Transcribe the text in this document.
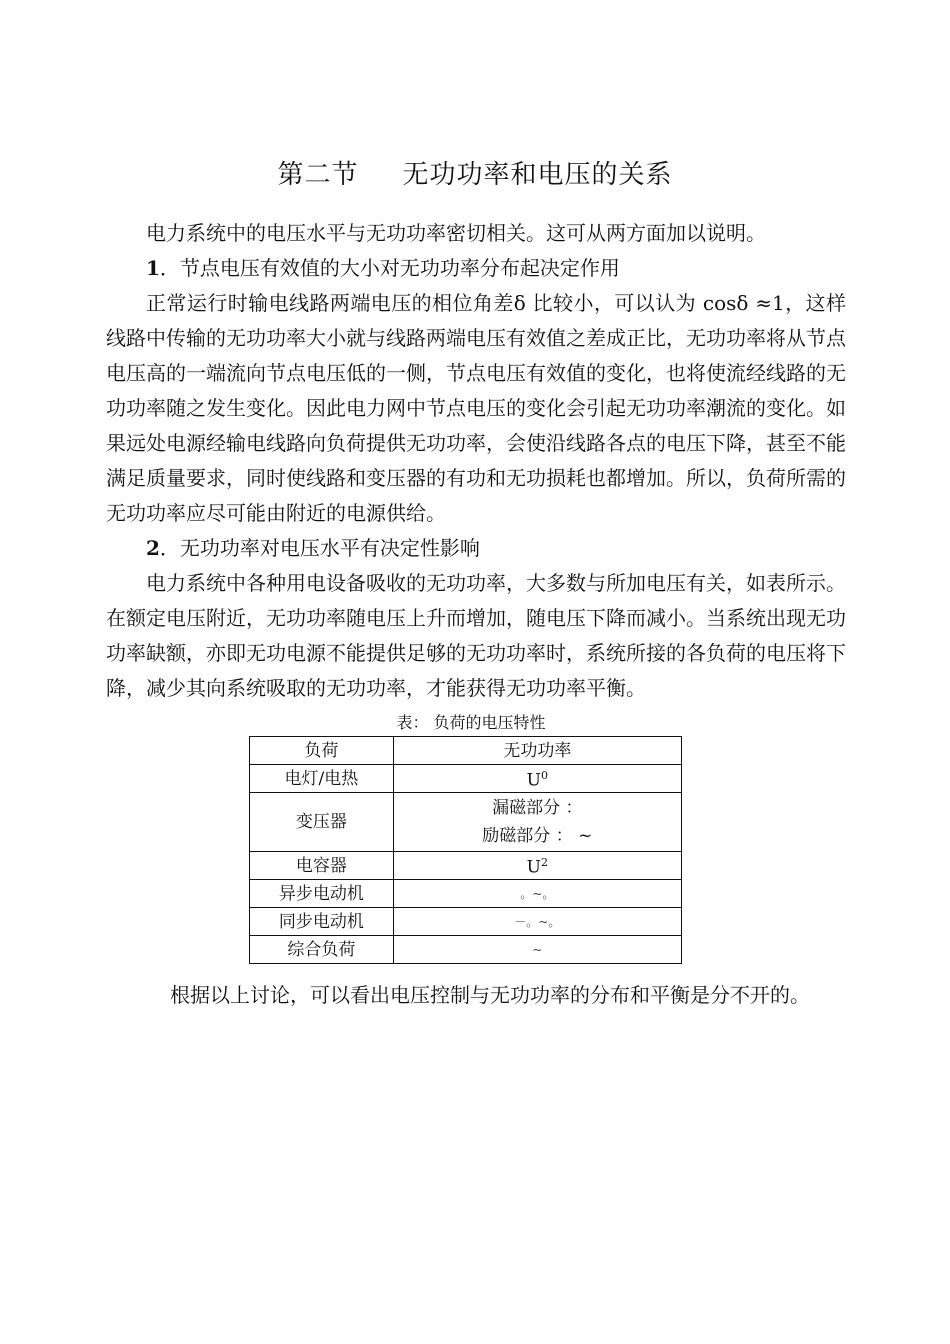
第二节 无功功率和电压的关系

电力系统中的电压水平与无功功率密切相关。这可从两方面加以说明。

1．节点电压有效值的大小对无功功率分布起决定作用

正常运行时输电线路两端电压的相位角差δ 比较小，可以认为 cosδ ≈1，这样线路中传输的无功功率大小就与线路两端电压有效值之差成正比，无功功率将从节点电压高的一端流向节点电压低的一侧，节点电压有效值的变化，也将使流经线路的无功功率随之发生变化。因此电力网中节点电压的变化会引起无功功率潮流的变化。如果远处电源经输电线路向负荷提供无功功率，会使沿线路各点的电压下降，甚至不能满足质量要求，同时使线路和变压器的有功和无功损耗也都增加。所以，负荷所需的无功功率应尽可能由附近的电源供给。

2．无功功率对电压水平有决定性影响

电力系统中各种用电设备吸收的无功功率，大多数与所加电压有关，如表所示。在额定电压附近，无功功率随电压上升而增加，随电压下降而减小。当系统出现无功功率缺额，亦即无功电源不能提供足够的无功功率时，系统所接的各负荷的电压将下降，减少其向系统吸取的无功功率，才能获得无功功率平衡。

表： 负荷的电压特性
负荷	无功功率
电灯/电热	$U^0$
变压器	漏磁部分 ：
励磁部分 ： ~

电容器	$U^2$
异步电动机	。~。
同步电动机	－。~。
综合负荷	~

根据以上讨论，可以看出电压控制与无功功率的分布和平衡是分不开的。
